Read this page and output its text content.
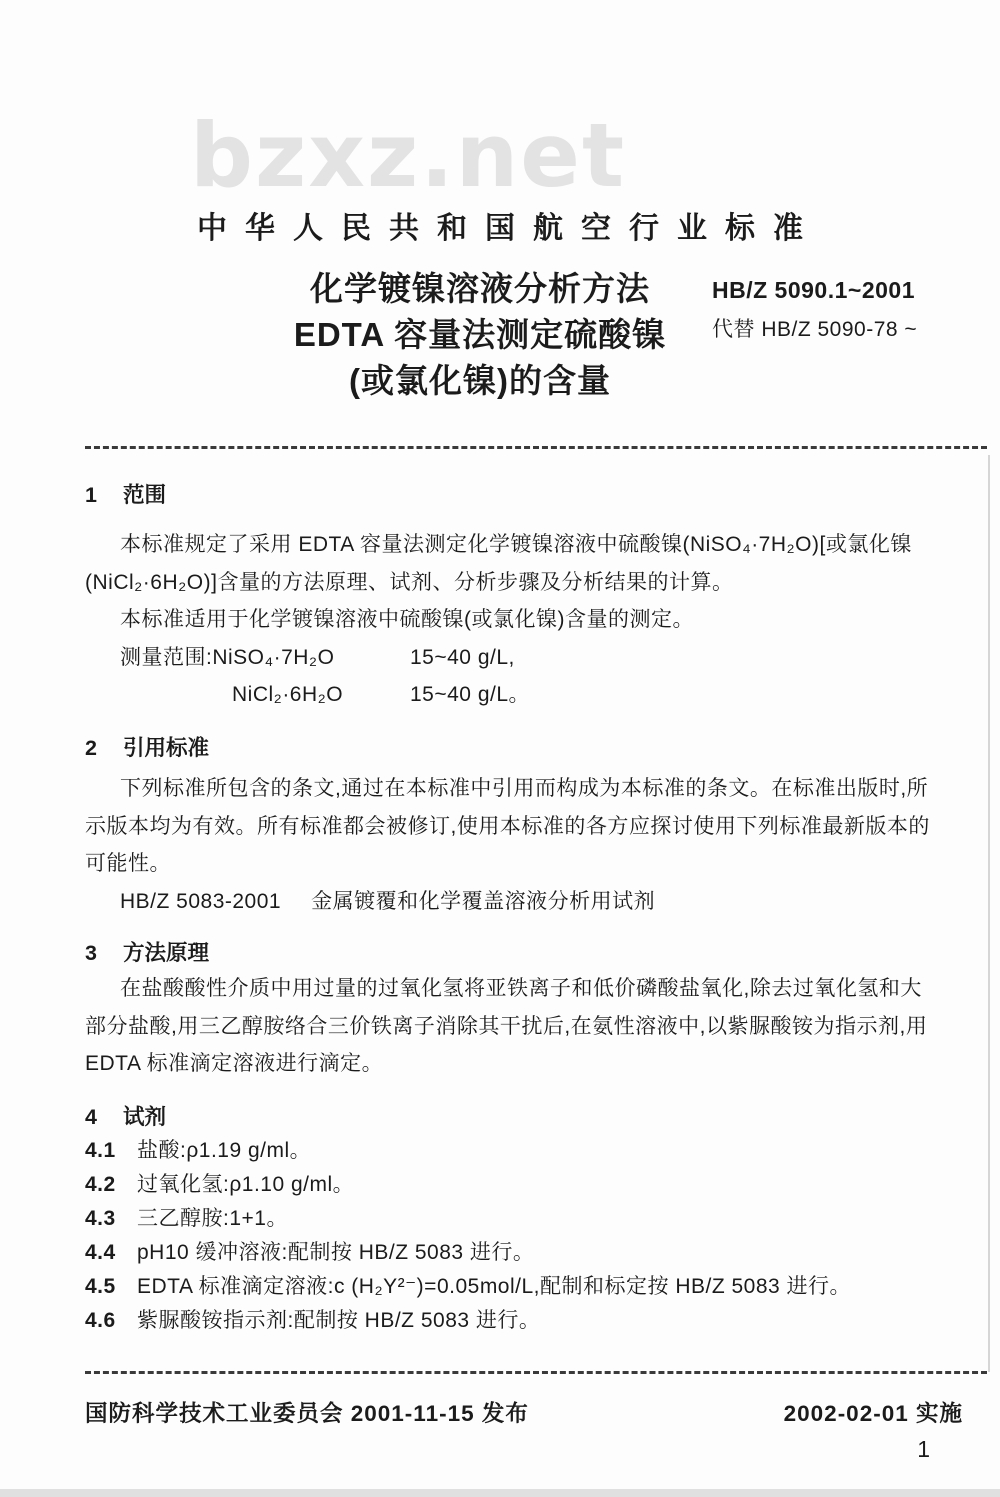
bzxz.net
中华人民共和国航空行业标准
化学镀镍溶液分析方法
EDTA 容量法测定硫酸镍
(或氯化镍)的含量
HB/Z 5090.1~2001
代替 HB/Z 5090-78 ~
1 范围
本标准规定了采用 EDTA 容量法测定化学镀镍溶液中硫酸镍(NiSO₄·7H₂O)[或氯化镍
(NiCl₂·6H₂O)]含量的方法原理、试剂、分析步骤及分析结果的计算。
本标准适用于化学镀镍溶液中硫酸镍(或氯化镍)含量的测定。
测量范围:NiSO₄·7H₂O	15~40 g/L,
NiCl₂·6H₂O	15~40 g/L。
2 引用标准
下列标准所包含的条文,通过在本标准中引用而构成为本标准的条文。在标准出版时,所
示版本均为有效。所有标准都会被修订,使用本标准的各方应探讨使用下列标准最新版本的
可能性。
HB/Z 5083-2001 金属镀覆和化学覆盖溶液分析用试剂
3 方法原理
在盐酸酸性介质中用过量的过氧化氢将亚铁离子和低价磷酸盐氧化,除去过氧化氢和大
部分盐酸,用三乙醇胺络合三价铁离子消除其干扰后,在氨性溶液中,以紫脲酸铵为指示剂,用
EDTA 标准滴定溶液进行滴定。
4 试剂
4.1	盐酸:ρ1.19 g/ml。
4.2	过氧化氢:ρ1.10 g/ml。
4.3	三乙醇胺:1+1。
4.4	pH10 缓冲溶液:配制按 HB/Z 5083 进行。
4.5	EDTA 标准滴定溶液:c (H₂Y²⁻)=0.05mol/L,配制和标定按 HB/Z 5083 进行。
4.6	紫脲酸铵指示剂:配制按 HB/Z 5083 进行。
国防科学技术工业委员会 2001-11-15 发布	2002-02-01 实施
1
